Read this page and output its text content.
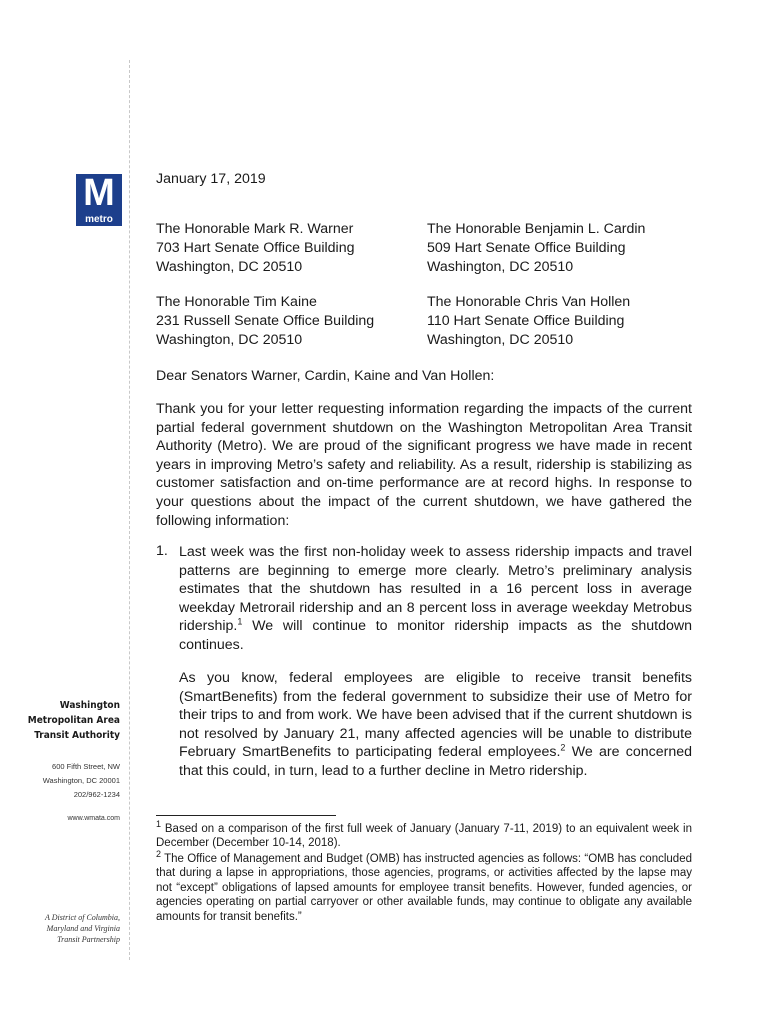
M
metro
Washington
Metropolitan Area
Transit Authority
600 Fifth Street, NW
Washington, DC 20001
202/962-1234
www.wmata.com
A District of Columbia,
Maryland and Virginia
Transit Partnership
January 17, 2019
The Honorable Mark R. Warner
703 Hart Senate Office Building
Washington, DC 20510
The Honorable Benjamin L. Cardin
509 Hart Senate Office Building
Washington, DC 20510
The Honorable Tim Kaine
231 Russell Senate Office Building
Washington, DC 20510
The Honorable Chris Van Hollen
110 Hart Senate Office Building
Washington, DC 20510
Dear Senators Warner, Cardin, Kaine and Van Hollen:
Thank you for your letter requesting information regarding the impacts of the current partial federal government shutdown on the Washington Metropolitan Area Transit Authority (Metro). We are proud of the significant progress we have made in recent years in improving Metro’s safety and reliability. As a result, ridership is stabilizing as customer satisfaction and on-time performance are at record highs. In response to your questions about the impact of the current shutdown, we have gathered the following information:
1. Last week was the first non-holiday week to assess ridership impacts and travel patterns are beginning to emerge more clearly. Metro’s preliminary analysis estimates that the shutdown has resulted in a 16 percent loss in average weekday Metrorail ridership and an 8 percent loss in average weekday Metrobus ridership.$^1$ We will continue to monitor ridership impacts as the shutdown continues.
As you know, federal employees are eligible to receive transit benefits (SmartBenefits) from the federal government to subsidize their use of Metro for their trips to and from work. We have been advised that if the current shutdown is not resolved by January 21, many affected agencies will be unable to distribute February SmartBenefits to participating federal employees.$^2$ We are concerned that this could, in turn, lead to a further decline in Metro ridership.
$^1$ Based on a comparison of the first full week of January (January 7-11, 2019) to an equivalent week in December (December 10-14, 2018).
$^2$ The Office of Management and Budget (OMB) has instructed agencies as follows: “OMB has concluded that during a lapse in appropriations, those agencies, programs, or activities affected by the lapse may not “except” obligations of lapsed amounts for employee transit benefits. However, funded agencies, or agencies operating on partial carryover or other available funds, may continue to obligate any available amounts for transit benefits.”
